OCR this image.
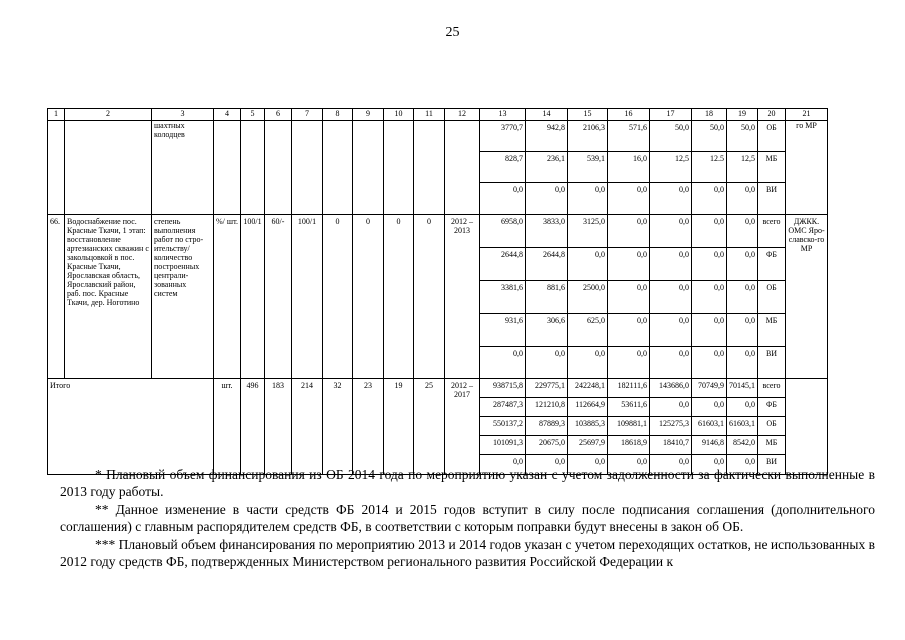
25
1	2	3	4	5	6	7	8	9	10	11	12	13	14	15	16	17	18	19	20	21
		шахтных колодцев										3770,7	942,8	2106,3	571,6	50,0	50,0	50,0	ОБ	го МР
												828,7	236,1	539,1	16,0	12,5	12.5	12,5	МБ	
												0,0	0,0	0,0	0,0	0,0	0,0	0,0	ВИ	
66.	Водоснабжение пос. Красные Ткачи, 1 этап: восстановление артезианских скважин с закольцовкой в пос. Красные Ткачи, Ярославская область, Ярославский район, раб. пос. Красные Ткачи, дер. Ноготино	степень выполнения работ по стро-ительству/ количество построенных централи-зованных систем	%/ шт.	100/1	60/-	100/1	0	0	0	0	2012 – 2013	6958,0	3833,0	3125,0	0,0	0,0	0,0	0,0	всего	ДЖКК. ОМС Яро-славско-го МР
												2644,8	2644,8	0,0	0,0	0,0	0,0	0,0	ФБ	
												3381,6	881,6	2500,0	0,0	0,0	0,0	0,0	ОБ	
												931,6	306,6	625,0	0,0	0,0	0,0	0,0	МБ	
												0,0	0,0	0,0	0,0	0,0	0,0	0,0	ВИ	
Итого			шт.	496	183	214	32	23	19	25	2012 – 2017	938715,8	229775,1	242248,1	182111,6	143686,0	70749,9	70145,1	всего	
												287487,3	121210,8	112664,9	53611,6	0,0	0,0	0,0	ФБ	
												550137,2	87889,3	103885,3	109881,1	125275,3	61603,1	61603,1	ОБ	
												101091,3	20675,0	25697,9	18618,9	18410,7	9146,8	8542,0	МБ	
												0,0	0,0	0,0	0,0	0,0	0,0	0,0	ВИ	

* Плановый объем финансирования из ОБ 2014 года по мероприятию указан с учетом задолженности за фактически выполненные в 2013 году работы.

** Данное изменение в части средств ФБ 2014 и 2015 годов вступит в силу после подписания соглашения (дополнительного соглашения) с главным распорядителем средств ФБ, в соответствии с которым поправки будут внесены в закон об ОБ.

*** Плановый объем финансирования по мероприятию 2013 и 2014 годов указан с учетом переходящих остатков, не использованных в 2012 году средств ФБ, подтвержденных Министерством регионального развития Российской Федерации к
